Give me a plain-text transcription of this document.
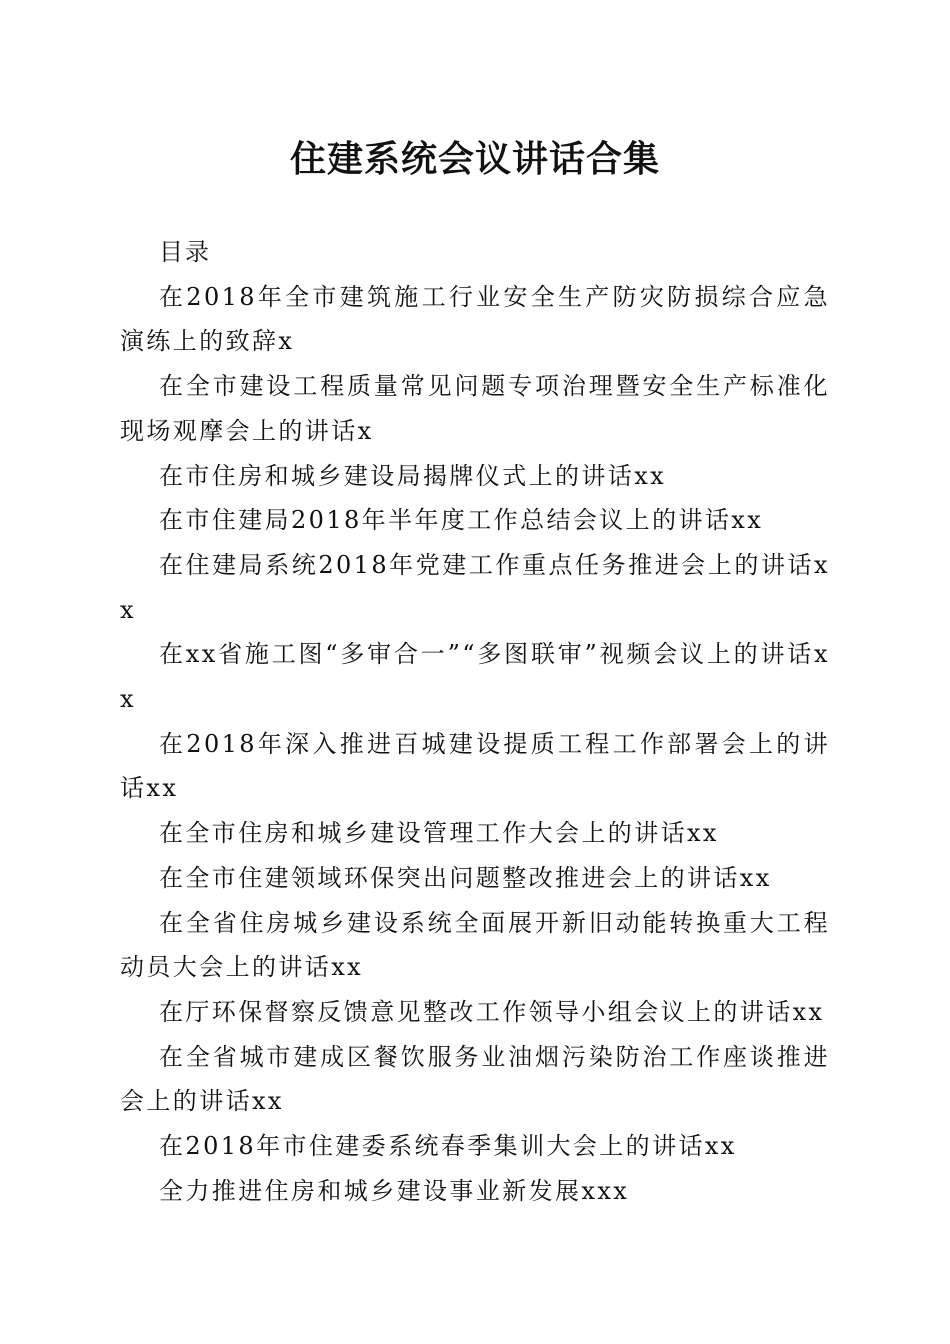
住建系统会议讲话合集

目录

在2018年全市建筑施工行业安全生产防灾防损综合应急演练上的致辞x

在全市建设工程质量常见问题专项治理暨安全生产标准化现场观摩会上的讲话x

在市住房和城乡建设局揭牌仪式上的讲话xx

在市住建局2018年半年度工作总结会议上的讲话xx

在住建局系统2018年党建工作重点任务推进会上的讲话xx

在xx省施工图“多审合一”“多图联审”视频会议上的讲话xx

在2018年深入推进百城建设提质工程工作部署会上的讲话xx

在全市住房和城乡建设管理工作大会上的讲话xx

在全市住建领域环保突出问题整改推进会上的讲话xx

在全省住房城乡建设系统全面展开新旧动能转换重大工程动员大会上的讲话xx

在厅环保督察反馈意见整改工作领导小组会议上的讲话xx

在全省城市建成区餐饮服务业油烟污染防治工作座谈推进会上的讲话xx

在2018年市住建委系统春季集训大会上的讲话xx

全力推进住房和城乡建设事业新发展xxx
